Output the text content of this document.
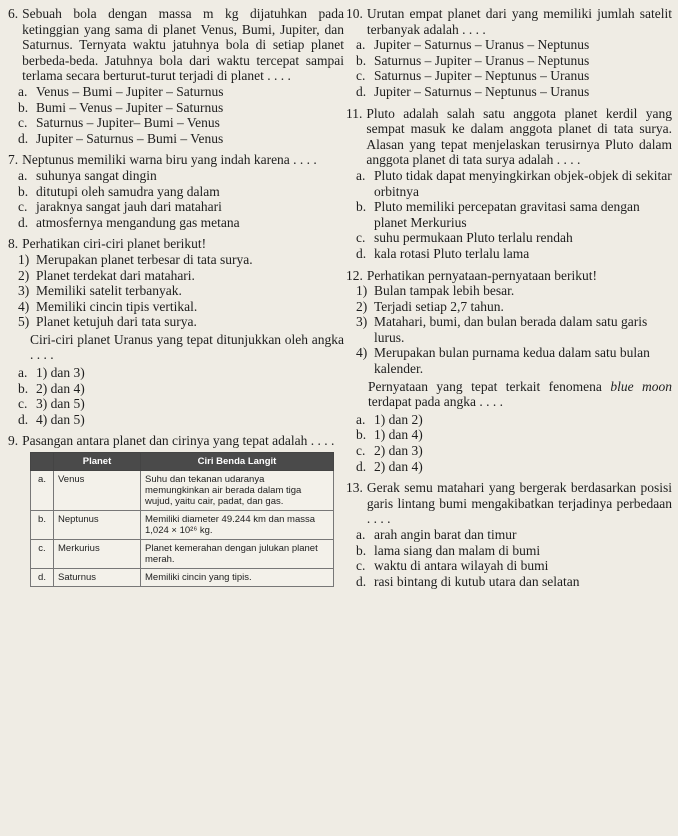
6. Sebuah bola dengan massa m kg dijatuhkan pada ketinggian yang sama di planet Venus, Bumi, Jupiter, dan Saturnus. Ternyata waktu jatuhnya bola di setiap planet berbeda-beda. Jatuhnya bola dari waktu tercepat sampai terlama secara berturut-turut terjadi di planet . . . .
a. Venus – Bumi – Jupiter – Saturnus
b. Bumi – Venus – Jupiter – Saturnus
c. Saturnus – Jupiter– Bumi – Venus
d. Jupiter – Saturnus – Bumi – Venus
7. Neptunus memiliki warna biru yang indah karena . . . .
a. suhunya sangat dingin
b. ditutupi oleh samudra yang dalam
c. jaraknya sangat jauh dari matahari
d. atmosfernya mengandung gas metana
8. Perhatikan ciri-ciri planet berikut!
1) Merupakan planet terbesar di tata surya.
2) Planet terdekat dari matahari.
3) Memiliki satelit terbanyak.
4) Memiliki cincin tipis vertikal.
5) Planet ketujuh dari tata surya.
Ciri-ciri planet Uranus yang tepat ditunjukkan oleh angka . . . .
a. 1) dan 3)
b. 2) dan 4)
c. 3) dan 5)
d. 4) dan 5)
9. Pasangan antara planet dan cirinya yang tepat adalah . . . .
	Planet	Ciri Benda Langit
a.	Venus	Suhu dan tekanan udaranya memungkinkan air berada dalam tiga wujud, yaitu cair, padat, dan gas.
b.	Neptunus	Memiliki diameter 49.244 km dan massa 1,024 × 10²⁶ kg.
c.	Merkurius	Planet kemerahan dengan julukan planet merah.
d.	Saturnus	Memiliki cincin yang tipis.
10. Urutan empat planet dari yang memiliki jumlah satelit terbanyak adalah . . . .
a. Jupiter – Saturnus – Uranus – Neptunus
b. Saturnus – Jupiter – Uranus – Neptunus
c. Saturnus – Jupiter – Neptunus – Uranus
d. Jupiter – Saturnus – Neptunus – Uranus
11. Pluto adalah salah satu anggota planet kerdil yang sempat masuk ke dalam anggota planet di tata surya. Alasan yang tepat menjelaskan terusirnya Pluto dalam anggota planet di tata surya adalah . . . .
a. Pluto tidak dapat menyingkirkan objek-objek di sekitar orbitnya
b. Pluto memiliki percepatan gravitasi sama dengan planet Merkurius
c. suhu permukaan Pluto terlalu rendah
d. kala rotasi Pluto terlalu lama
12. Perhatikan pernyataan-pernyataan berikut!
1) Bulan tampak lebih besar.
2) Terjadi setiap 2,7 tahun.
3) Matahari, bumi, dan bulan berada dalam satu garis lurus.
4) Merupakan bulan purnama kedua dalam satu bulan kalender.
Pernyataan yang tepat terkait fenomena blue moon terdapat pada angka . . . .
a. 1) dan 2)
b. 1) dan 4)
c. 2) dan 3)
d. 2) dan 4)
13. Gerak semu matahari yang bergerak berdasarkan posisi garis lintang bumi mengakibatkan terjadinya perbedaan . . . .
a. arah angin barat dan timur
b. lama siang dan malam di bumi
c. waktu di antara wilayah di bumi
d. rasi bintang di kutub utara dan selatan
